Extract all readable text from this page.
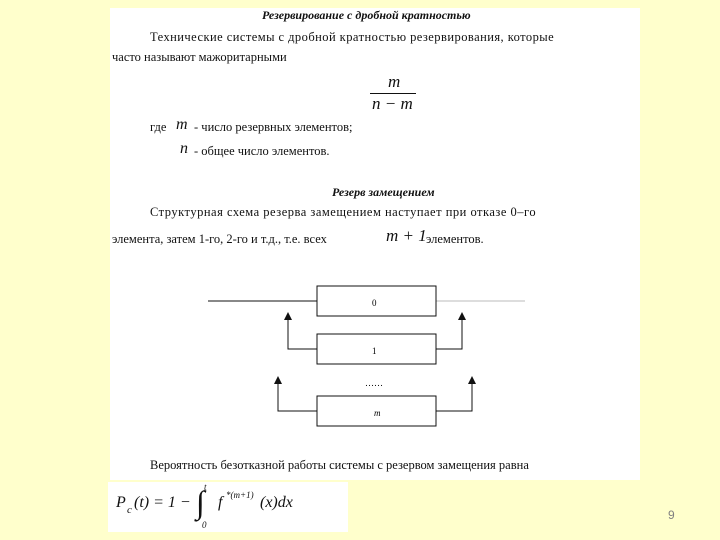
Резервирование с дробной кратностью
Технические системы с дробной кратностью резервирования, которые
часто называют мажоритарными
m
n − m
где m - число резервных элементов;
n - общее число элементов.
Резерв замещением
Структурная схема резерва замещением наступает при отказе 0–го
элемента, затем 1-го, 2-го и т.д., т.е. всех	m + 1 элементов.
0
1
m
……
Вероятность безотказной работы системы с резервом замещения равна
P c (t) = 1 − ∫ t
0
f *(m+1) (x)dx
9
